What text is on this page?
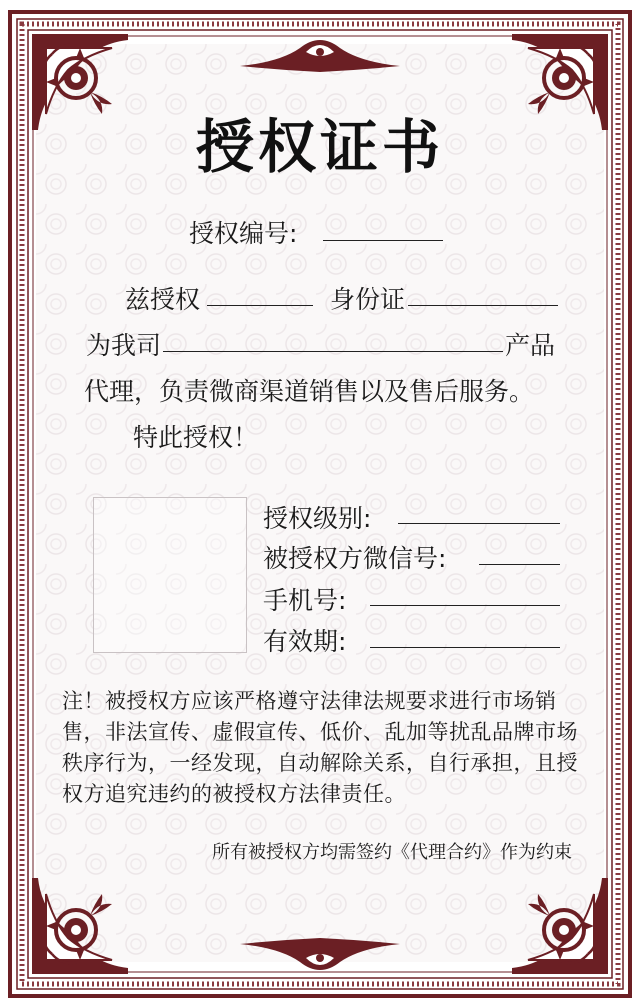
授权证书
授权编号:
兹授权	身份证
为我司	产品
代理，负责微商渠道销售以及售后服务。
特此授权！
授权级别:
被授权方微信号:
手机号:
有效期:
注！被授权方应该严格遵守法律法规要求进行市场销售，非法宣传、虚假宣传、低价、乱加等扰乱品牌市场秩序行为，一经发现，自动解除关系，自行承担，且授权方追究违约的被授权方法律责任。
所有被授权方均需签约《代理合约》作为约束
